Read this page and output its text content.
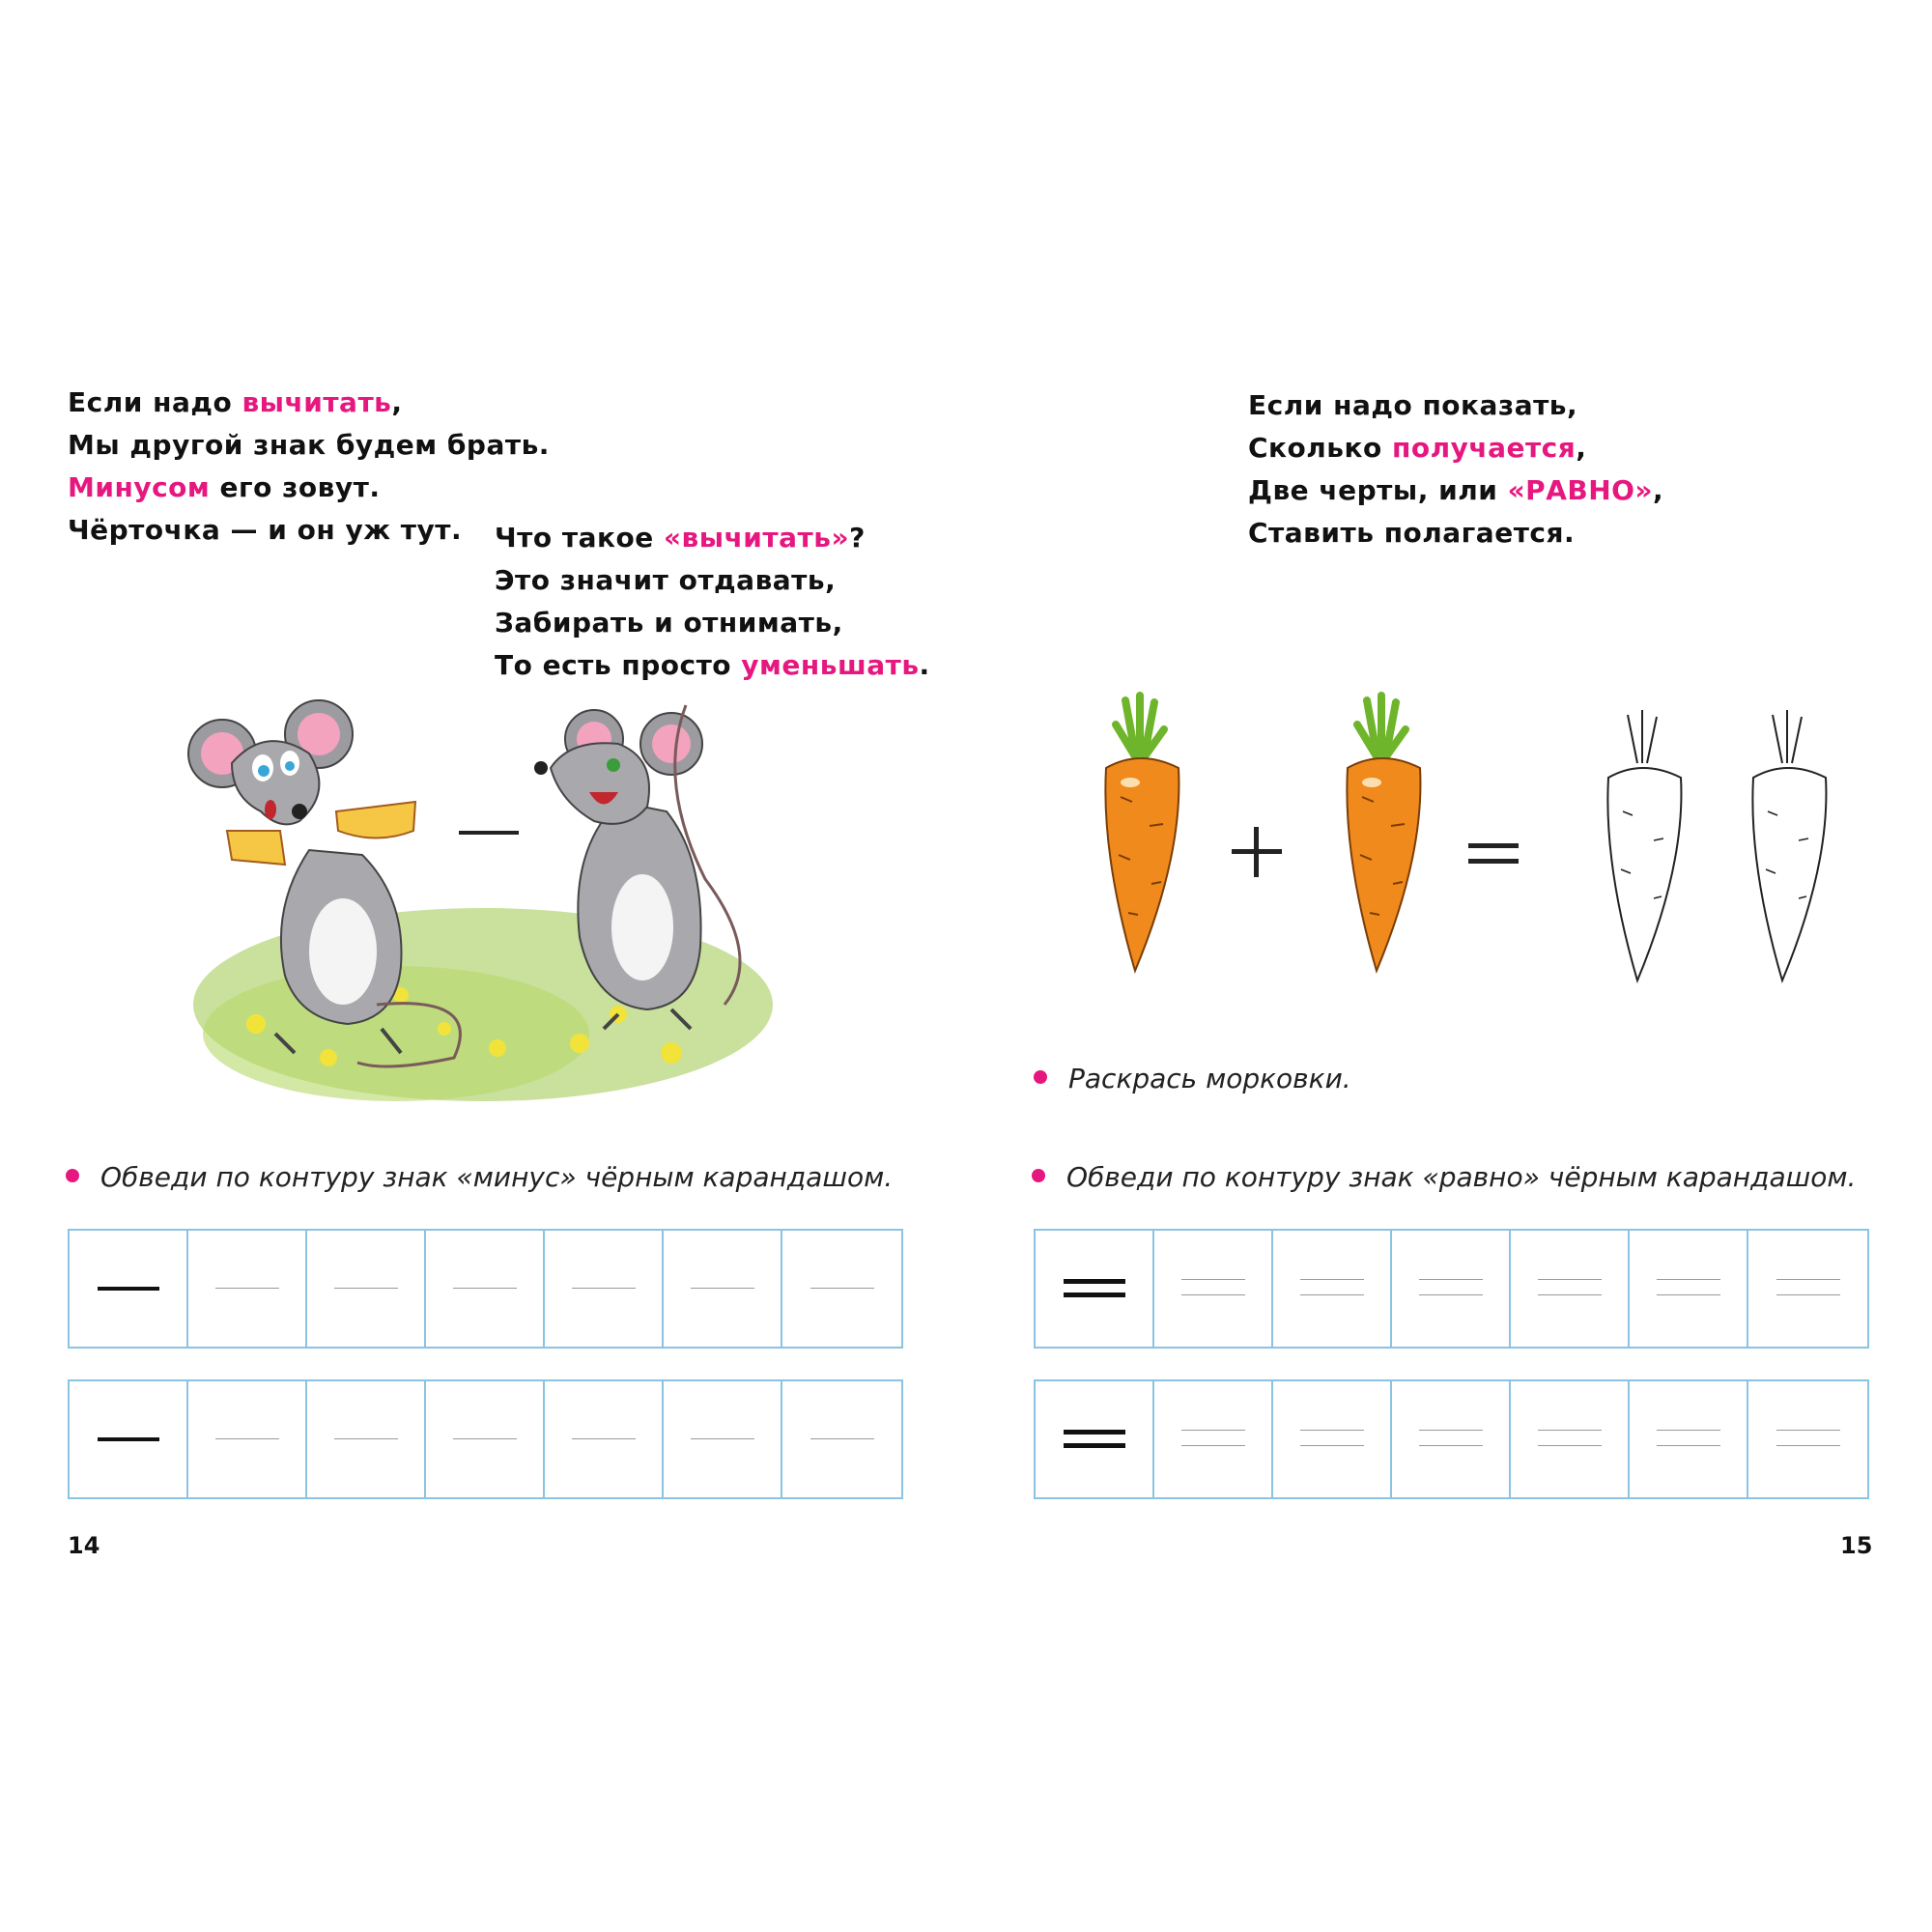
Если надо вычитать,
Мы другой знак будем брать.
Минусом его зовут.
Чёрточка — и он уж тут.	Что такое «вычитать»?
Это значит отдавать,
Забирать и отнимать,
То есть просто уменьшать.
Обведи по контуру знак «минус» чёрным карандашом.
14
Если надо показать,
Сколько получается,
Две черты, или «РАВНО»,
Ставить полагается.
Раскрась морковки.
Обведи по контуру знак «равно» чёрным карандашом.
15
